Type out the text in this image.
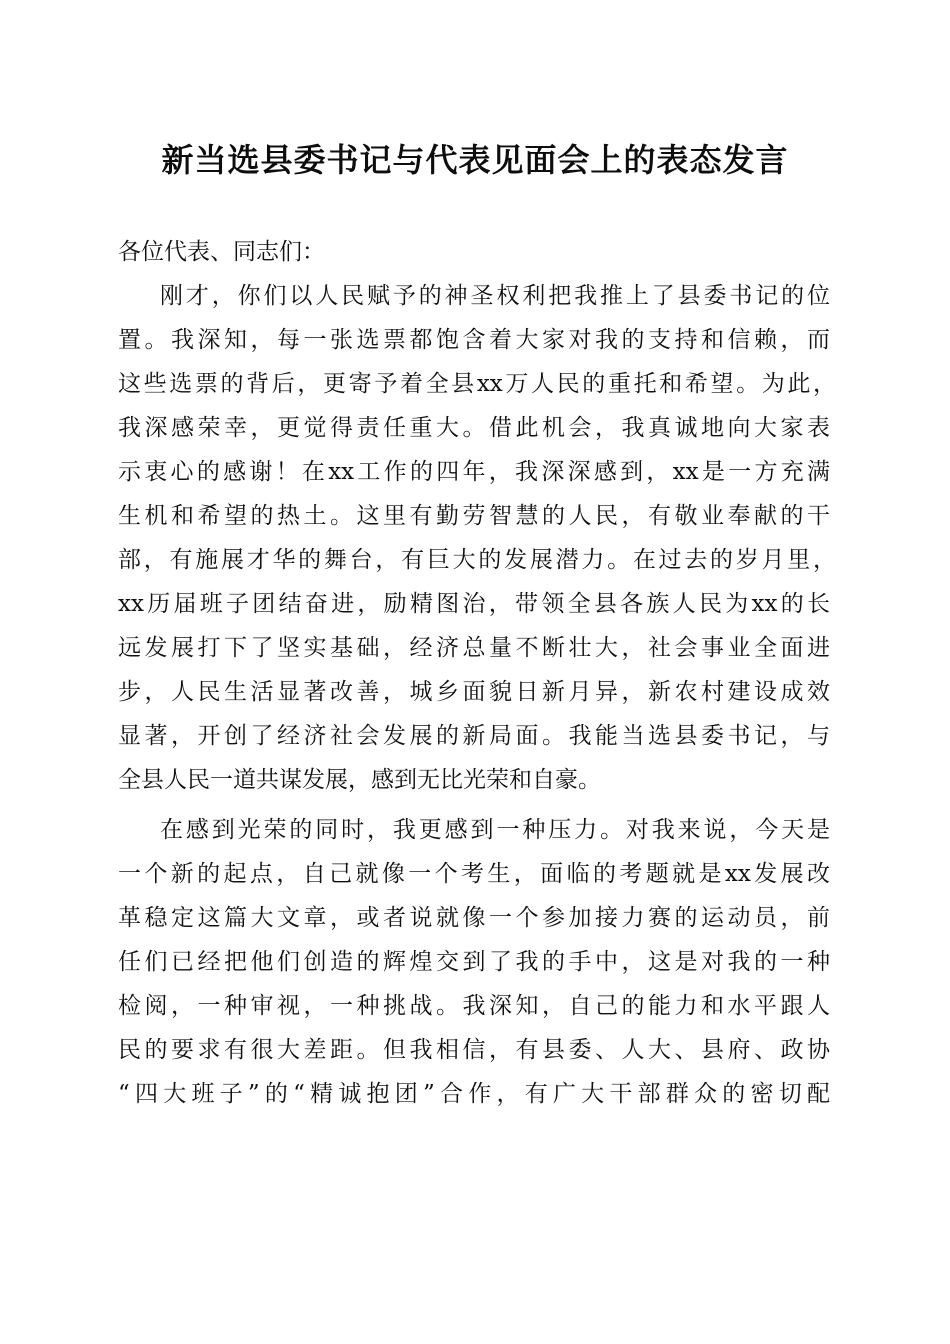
新当选县委书记与代表见面会上的表态发言
各位代表、同志们：
刚才，你们以人民赋予的神圣权利把我推上了县委书记的位
置。我深知，每一张选票都饱含着大家对我的支持和信赖，而
这些选票的背后，更寄予着全县xx万人民的重托和希望。为此，
我深感荣幸，更觉得责任重大。借此机会，我真诚地向大家表
示衷心的感谢！在xx工作的四年，我深深感到，xx是一方充满
生机和希望的热土。这里有勤劳智慧的人民，有敬业奉献的干
部，有施展才华的舞台，有巨大的发展潜力。在过去的岁月里，
xx历届班子团结奋进，励精图治，带领全县各族人民为xx的长
远发展打下了坚实基础，经济总量不断壮大，社会事业全面进
步，人民生活显著改善，城乡面貌日新月异，新农村建设成效
显著，开创了经济社会发展的新局面。我能当选县委书记，与
全县人民一道共谋发展，感到无比光荣和自豪。
在感到光荣的同时，我更感到一种压力。对我来说，今天是
一个新的起点，自己就像一个考生，面临的考题就是xx发展改
革稳定这篇大文章，或者说就像一个参加接力赛的运动员，前
任们已经把他们创造的辉煌交到了我的手中，这是对我的一种
检阅，一种审视，一种挑战。我深知，自己的能力和水平跟人
民的要求有很大差距。但我相信，有县委、人大、县府、政协
“四大班子”的“精诚抱团”合作，有广大干部群众的密切配
